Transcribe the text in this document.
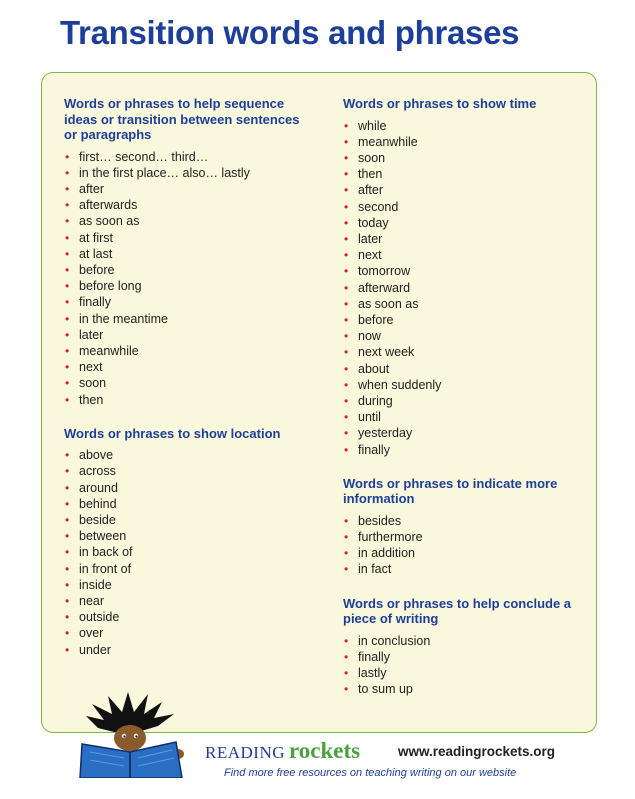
Transition words and phrases
Words or phrases to help sequence ideas or transition between sentences or paragraphs
• first… second… third…
• in the first place… also… lastly
• after
• afterwards
• as soon as
• at first
• at last
• before
• before long
• finally
• in the meantime
• later
• meanwhile
• next
• soon
• then
Words or phrases to show location
• above
• across
• around
• behind
• beside
• between
• in back of
• in front of
• inside
• near
• outside
• over
• under
Words or phrases to show time
• while
• meanwhile
• soon
• then
• after
• second
• today
• later
• next
• tomorrow
• afterward
• as soon as
• before
• now
• next week
• about
• when suddenly
• during
• until
• yesterday
• finally
Words or phrases to indicate more information
• besides
• furthermore
• in addition
• in fact
Words or phrases to help conclude a piece of writing
• in conclusion
• finally
• lastly
• to sum up
READING rockets	www.readingrockets.org
Find more free resources on teaching writing on our website
